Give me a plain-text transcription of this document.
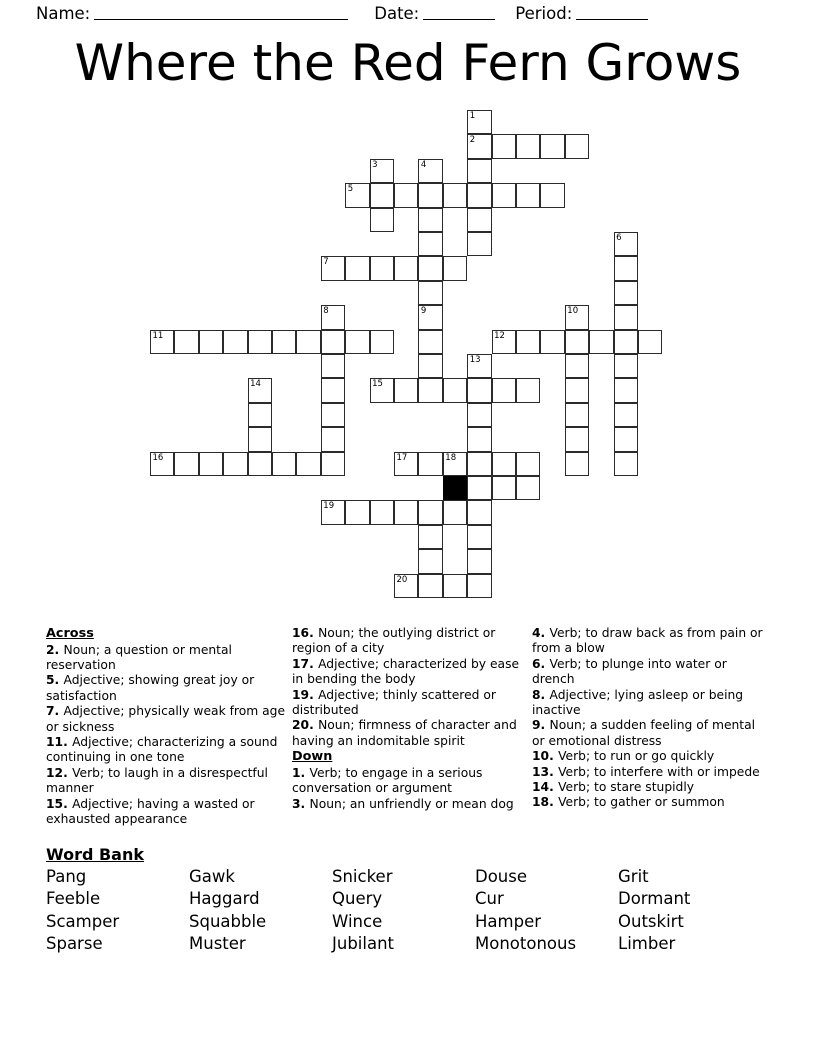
Name:	Date:	Period:
Where the Red Fern Grows
1
2
3	4
5
6
7
8	9	10
11	12
13
14	15
16	17	18
19
20
Across
2. Noun; a question or mental reservation
5. Adjective; showing great joy or satisfaction
7. Adjective; physically weak from age or sickness
11. Adjective; characterizing a sound continuing in one tone
12. Verb; to laugh in a disrespectful manner
15. Adjective; having a wasted or exhausted appearance
16. Noun; the outlying district or region of a city
17. Adjective; characterized by ease in bending the body
19. Adjective; thinly scattered or distributed
20. Noun; firmness of character and having an indomitable spirit
Down
1. Verb; to engage in a serious conversation or argument
3. Noun; an unfriendly or mean dog
4. Verb; to draw back as from pain or from a blow
6. Verb; to plunge into water or drench
8. Adjective; lying asleep or being inactive
9. Noun; a sudden feeling of mental or emotional distress
10. Verb; to run or go quickly
13. Verb; to interfere with or impede
14. Verb; to stare stupidly
18. Verb; to gather or summon
Word Bank
Pang	Gawk	Snicker	Douse	Grit
Feeble	Haggard	Query	Cur	Dormant
Scamper	Squabble	Wince	Hamper	Outskirt
Sparse	Muster	Jubilant	Monotonous	Limber
